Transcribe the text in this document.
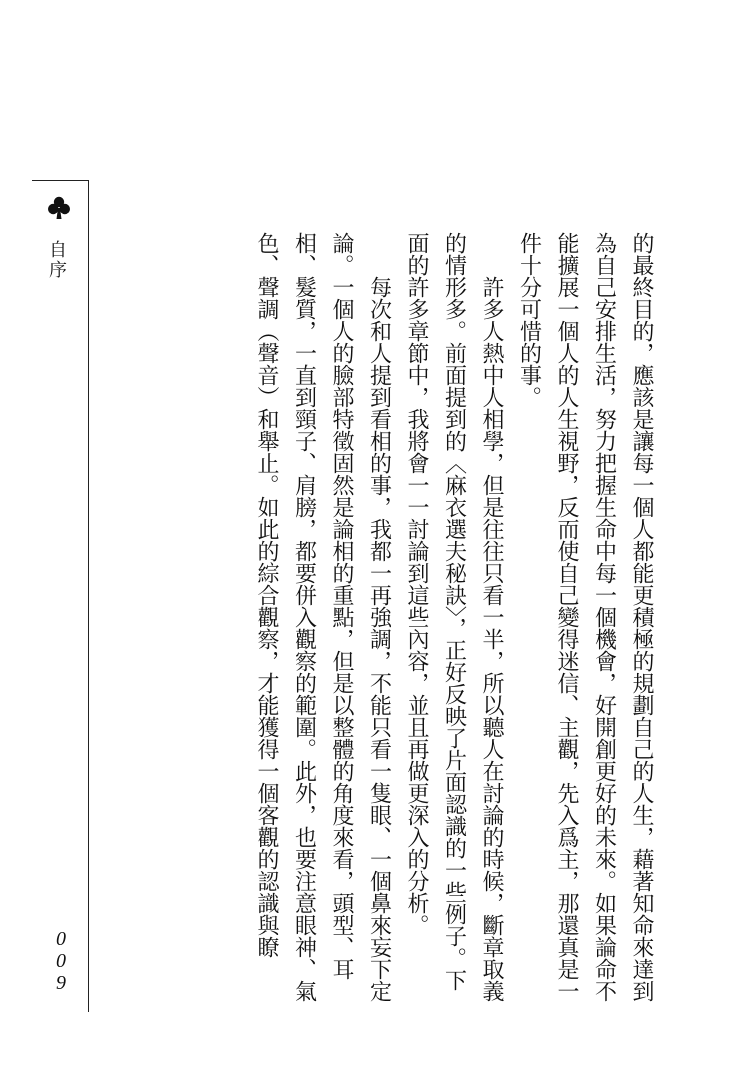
自序
0
0
9	的最終目的，應該是讓每一個人都能更積極的規劃自己的人生，藉著知命來達到為自己安排生活，努力把握生命中每一個機會，好開創更好的未來。如果論命不能擴展一個人的人生視野，反而使自己變得迷信、主觀，先入爲主，那還真是一件十分可惜的事。

許多人熱中人相學，但是往往只看一半，所以聽人在討論的時候，斷章取義的情形多。前面提到的〈麻衣選夫秘訣〉，正好反映了片面認識的一些例子。下面的許多章節中，我將會一一討論到這些內容，並且再做更深入的分析。

每次和人提到看相的事，我都一再強調，不能只看一隻眼、一個鼻來妄下定論。一個人的臉部特徵固然是論相的重點，但是以整體的角度來看，頭型、耳相、髮質，一直到頸子、肩膀，都要併入觀察的範圍。此外，也要注意眼神、氣色、聲調（聲音）和舉止。如此的綜合觀察，才能獲得一個客觀的認識與瞭
